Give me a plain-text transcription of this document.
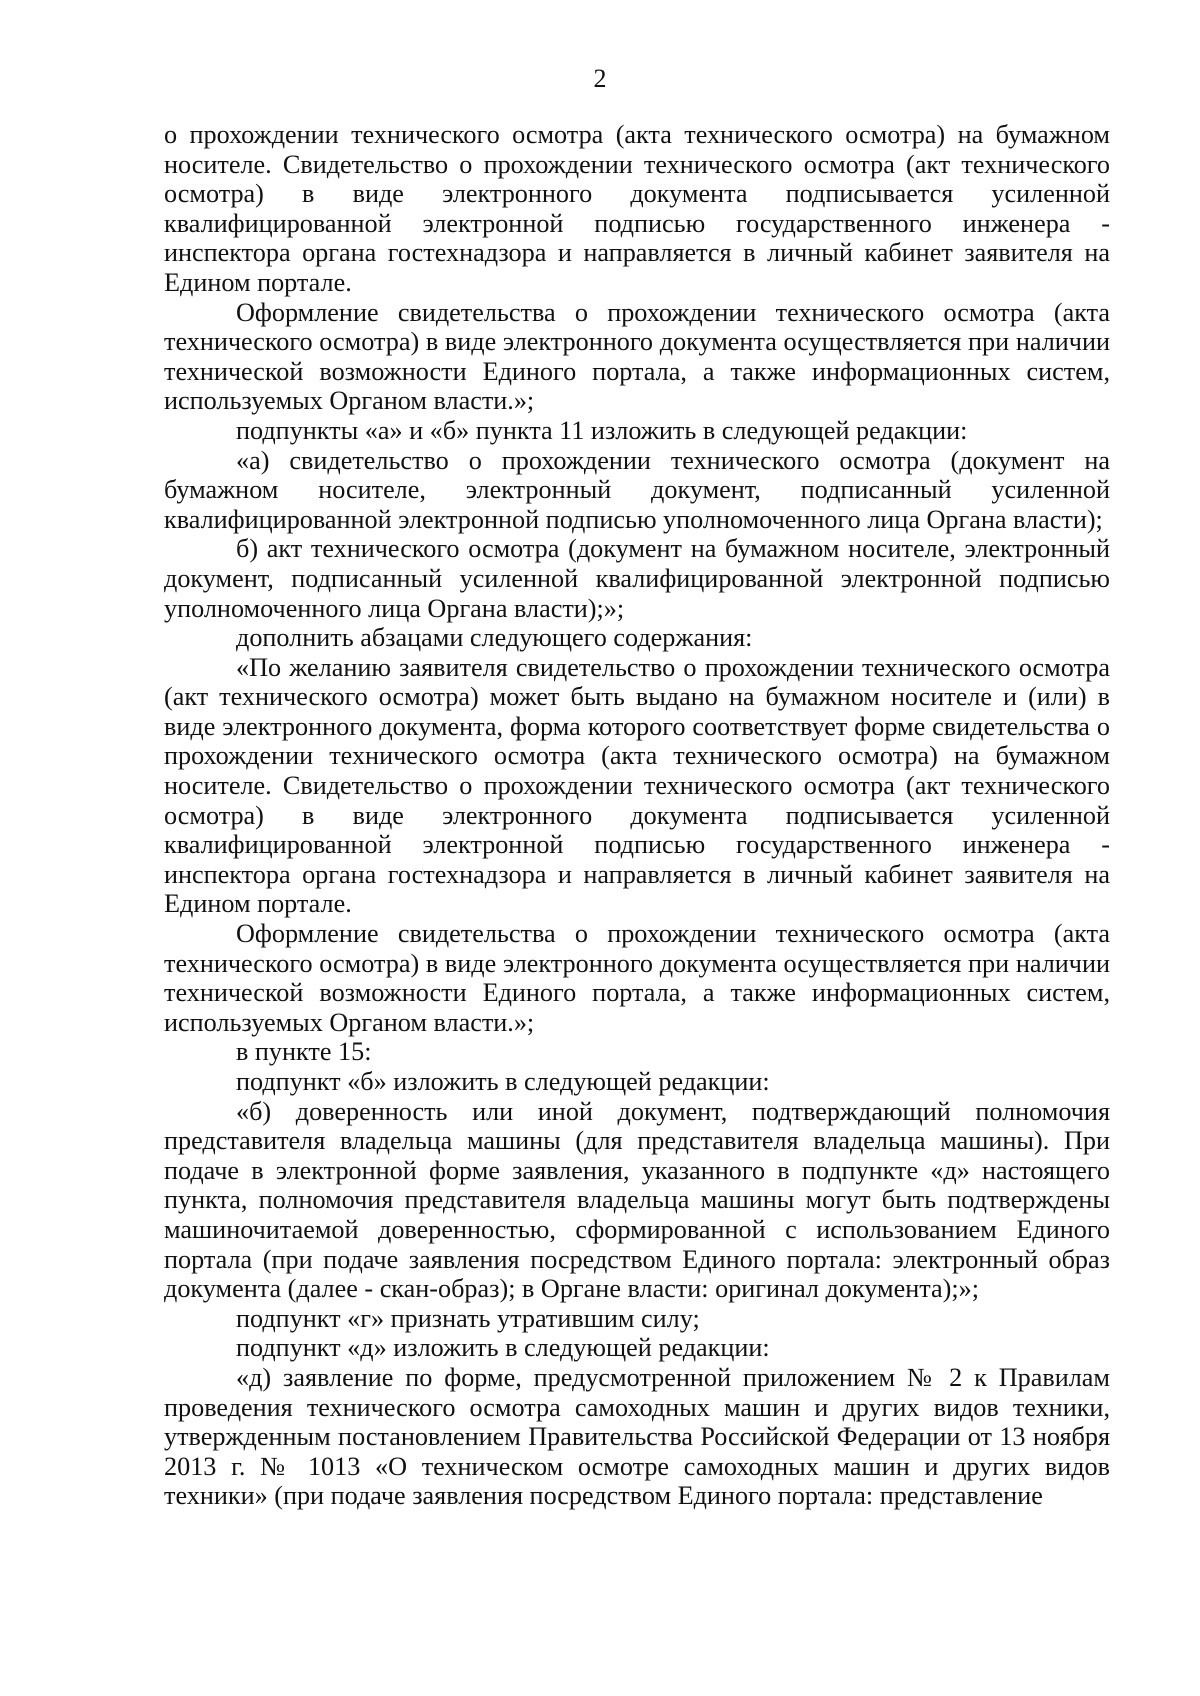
2

о прохождении технического осмотра (акта технического осмотра) на бумажном носителе. Свидетельство о прохождении технического осмотра (акт технического осмотра) в виде электронного документа подписывается усиленной квалифицированной электронной подписью государственного инженера - инспектора органа гостехнадзора и направляется в личный кабинет заявителя на Едином портале.

Оформление свидетельства о прохождении технического осмотра (акта технического осмотра) в виде электронного документа осуществляется при наличии технической возможности Единого портала, а также информационных систем, используемых Органом власти.»;

подпункты «а» и «б» пункта 11 изложить в следующей редакции:

«а) свидетельство о прохождении технического осмотра (документ на бумажном носителе, электронный документ, подписанный усиленной квалифицированной электронной подписью уполномоченного лица Органа власти);

б) акт технического осмотра (документ на бумажном носителе, электронный документ, подписанный усиленной квалифицированной электронной подписью уполномоченного лица Органа власти);»;

дополнить абзацами следующего содержания:

«По желанию заявителя свидетельство о прохождении технического осмотра (акт технического осмотра) может быть выдано на бумажном носителе и (или) в виде электронного документа, форма которого соответствует форме свидетельства о прохождении технического осмотра (акта технического осмотра) на бумажном носителе. Свидетельство о прохождении технического осмотра (акт технического осмотра) в виде электронного документа подписывается усиленной квалифицированной электронной подписью государственного инженера - инспектора органа гостехнадзора и направляется в личный кабинет заявителя на Едином портале.

Оформление свидетельства о прохождении технического осмотра (акта технического осмотра) в виде электронного документа осуществляется при наличии технической возможности Единого портала, а также информационных систем, используемых Органом власти.»;

в пункте 15:

подпункт «б» изложить в следующей редакции:

«б) доверенность или иной документ, подтверждающий полномочия представителя владельца машины (для представителя владельца машины). При подаче в электронной форме заявления, указанного в подпункте «д» настоящего пункта, полномочия представителя владельца машины могут быть подтверждены машиночитаемой доверенностью, сформированной с использованием Единого портала (при подаче заявления посредством Единого портала: электронный образ документа (далее - скан-образ); в Органе власти: оригинал документа);»;

подпункт «г» признать утратившим силу;

подпункт «д» изложить в следующей редакции:

«д) заявление по форме, предусмотренной приложением № 2 к Правилам проведения технического осмотра самоходных машин и других видов техники, утвержденным постановлением Правительства Российской Федерации от 13 ноября 2013 г. № 1013 «О техническом осмотре самоходных машин и других видов техники» (при подаче заявления посредством Единого портала: представление
